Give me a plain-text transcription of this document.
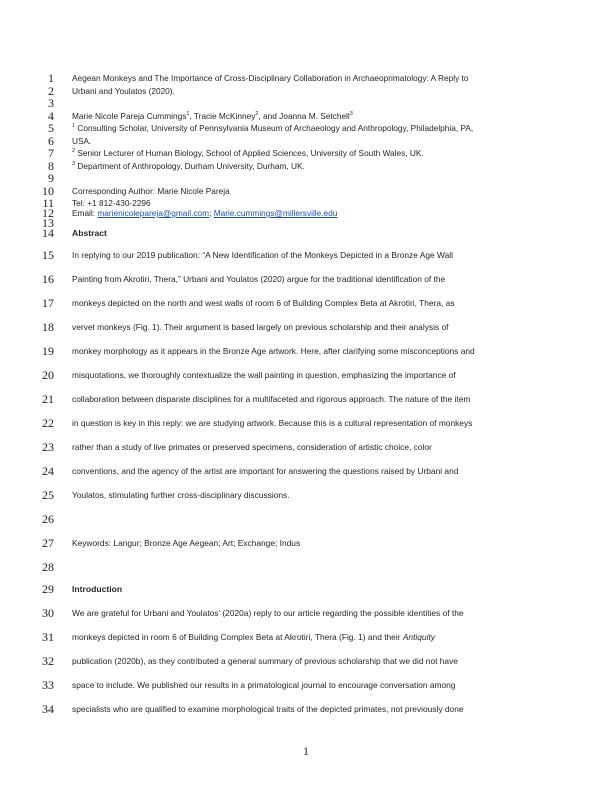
1 Aegean Monkeys and The Importance of Cross-Disciplinary Collaboration in Archaeoprimatology: A Reply to
2 Urbani and Youlatos (2020).
3
4 Marie Nicole Pareja Cummings$^1$, Tracie McKinney$^2$, and Joanna M. Setchell$^3$
5	$^1$ Consulting Scholar, University of Pennsylvania Museum of Archaeology and Anthropology, Philadelphia, PA,
6 USA.
7	$^2$ Senior Lecturer of Human Biology, School of Applied Sciences, University of South Wales, UK.
8	$^3$ Department of Anthropology, Durham University, Durham, UK.
9
10 Corresponding Author: Marie Nicole Pareja
11 Tel: +1 812-430-2296
12 Email: marienicolepareja@gmail.com; Marie.cummings@millersville.edu
13
14 Abstract
15 In replying to our 2019 publication: “A New Identification of the Monkeys Depicted in a Bronze Age Wall
16 Painting from Akrotiri, Thera,” Urbani and Youlatos (2020) argue for the traditional identification of the
17 monkeys depicted on the north and west walls of room 6 of Building Complex Beta at Akrotiri, Thera, as
18 vervet monkeys (Fig. 1). Their argument is based largely on previous scholarship and their analysis of
19 monkey morphology as it appears in the Bronze Age artwork. Here, after clarifying some misconceptions and
20 misquotations, we thoroughly contextualize the wall painting in question, emphasizing the importance of
21 collaboration between disparate disciplines for a multifaceted and rigorous approach. The nature of the item
22 in question is key in this reply: we are studying artwork. Because this is a cultural representation of monkeys
23 rather than a study of live primates or preserved specimens, consideration of artistic choice, color
24 conventions, and the agency of the artist are important for answering the questions raised by Urbani and
25 Youlatos, stimulating further cross-disciplinary discussions.
26
27 Keywords: Langur; Bronze Age Aegean; Art; Exchange; Indus
28
29 Introduction
30 We are grateful for Urbani and Youlatos’ (2020a) reply to our article regarding the possible identities of the
31 monkeys depicted in room 6 of Building Complex Beta at Akrotiri, Thera (Fig. 1) and their Antiquity
32 publication (2020b), as they contributed a general summary of previous scholarship that we did not have
33 space to include. We published our results in a primatological journal to encourage conversation among
34 specialists who are qualified to examine morphological traits of the depicted primates, not previously done
1
